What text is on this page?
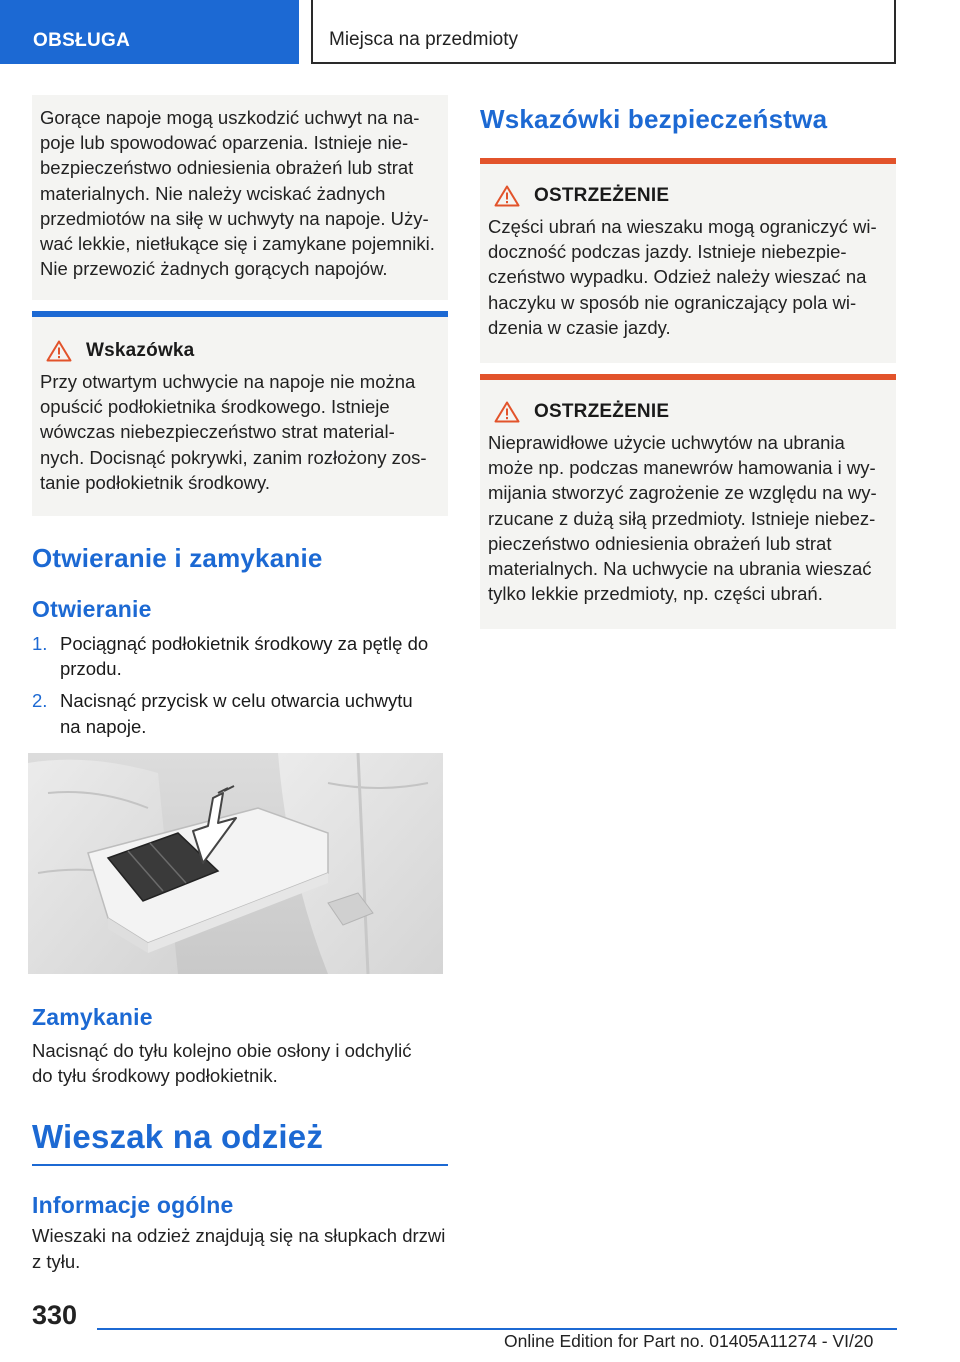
OBSŁUGA	Miejsca na przedmioty
Gorące napoje mogą uszkodzić uchwyt na na-
poje lub spowodować oparzenia. Istnieje nie-
bezpieczeństwo odniesienia obrażeń lub strat
materialnych. Nie należy wciskać żadnych
przedmiotów na siłę w uchwyty na napoje. Uży-
wać lekkie, nietłukące się i zamykane pojemniki.
Nie przewozić żadnych gorących napojów.
Wskazówka
Przy otwartym uchwycie na napoje nie można
opuścić podłokietnika środkowego. Istnieje
wówczas niebezpieczeństwo strat material-
nych. Docisnąć pokrywki, zanim rozłożony zos-
tanie podłokietnik środkowy.
Otwieranie i zamykanie
Otwieranie
1. Pociągnąć podłokietnik środkowy za pętlę do
przodu.
2. Nacisnąć przycisk w celu otwarcia uchwytu
na napoje.
Zamykanie
Nacisnąć do tyłu kolejno obie osłony i odchylić
do tyłu środkowy podłokietnik.
Wieszak na odzież
Informacje ogólne
Wieszaki na odzież znajdują się na słupkach drzwi
z tyłu.
Wskazówki bezpieczeństwa
OSTRZEŻENIE
Części ubrań na wieszaku mogą ograniczyć wi-
doczność podczas jazdy. Istnieje niebezpie-
czeństwo wypadku. Odzież należy wieszać na
haczyku w sposób nie ograniczający pola wi-
dzenia w czasie jazdy.
OSTRZEŻENIE
Nieprawidłowe użycie uchwytów na ubrania
może np. podczas manewrów hamowania i wy-
mijania stworzyć zagrożenie ze względu na wy-
rzucane z dużą siłą przedmioty. Istnieje niebez-
pieczeństwo odniesienia obrażeń lub strat
materialnych. Na uchwycie na ubrania wieszać
tylko lekkie przedmioty, np. części ubrań.
330
Online Edition for Part no. 01405A11274 - VI/20
